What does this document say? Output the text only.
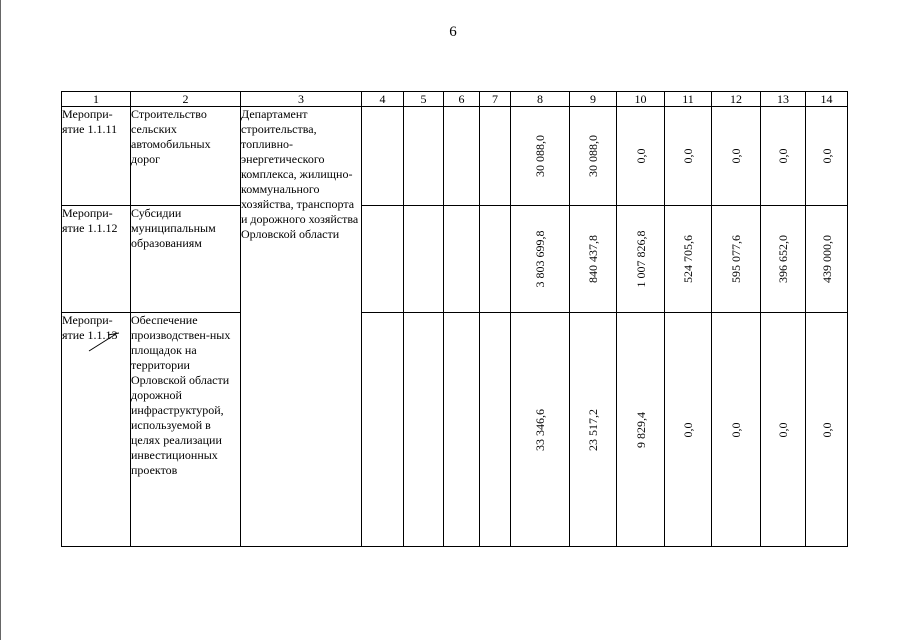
6
1	2	3	4	5	6	7	8	9	10	11	12	13	14
Меропри-ятие 1.1.11	Строительство сельских автомобильных дорог	Департамент строительства, топливно-энергетического комплекса, жилищно-коммунального хозяйства, транспорта и дорожного хозяйства Орловской области					30 088,0	30 088,0	0,0	0,0	0,0	0,0	0,0

Меропри-ятие 1.1.12	Субсидии муниципальным образованиям						3 803 699,8	840 437,8	1 007 826,8	524 705,6	595 077,6	396 652,0	439 000,0

Меропри-ятие 1.1.13	Обеспечение производствен-ных площадок на территории Орловской области дорожной инфраструктурой, используемой в целях реализации инвестиционных проектов						33 346,6	23 517,2	9 829,4	0,0	0,0	0,0	0,0
